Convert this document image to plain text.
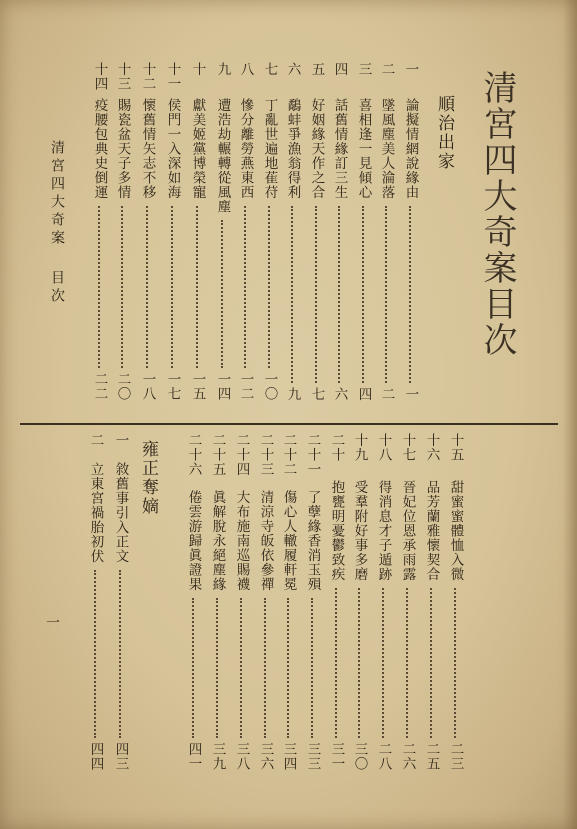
清宮四大奇案目次
順治出家
雍正奪嫡
清宮四大奇案
目次
一
一
論擬情網說緣由
一
二
墜風塵美人淪落
二
三
喜相逢一見傾心
四
四
話舊情緣訂三生
六
五
好姻緣天作之合
七
六
鷸蚌爭漁翁得利
九
七
丁亂世遍地萑苻
一〇
八
慘分離勞燕東西
一二
九
遭浩劫輾轉從風塵
一四
十
獻美姬黨博榮寵
一五
十一
侯門一入深如海
一七
十二
懷舊情矢志不移
一八
十三
賜瓷盆天子多情
二〇
十四
疫腰包典史倒運
二二
十五
甜蜜蜜體恤入微
二三
十六
品芳蘭雅懷契合
二五
十七
晉妃位恩承雨露
二六
十八
得消息才子遁跡
二八
十九
受羣附好事多磨
三〇
二十
抱甕明憂鬱致疾
三一
二十一
了孽緣香消玉殞
三三
二十二
傷心人轍履軒冕
三四
二十三
清涼寺皈依參禪
三六
二十四
大布施南巡賜襪
三八
二十五
眞解脫永絕塵緣
三九
二十六
倦雲游歸眞證果
四一
一
敘舊事引入正文
四三
二
立東宮禍胎初伏
四四
